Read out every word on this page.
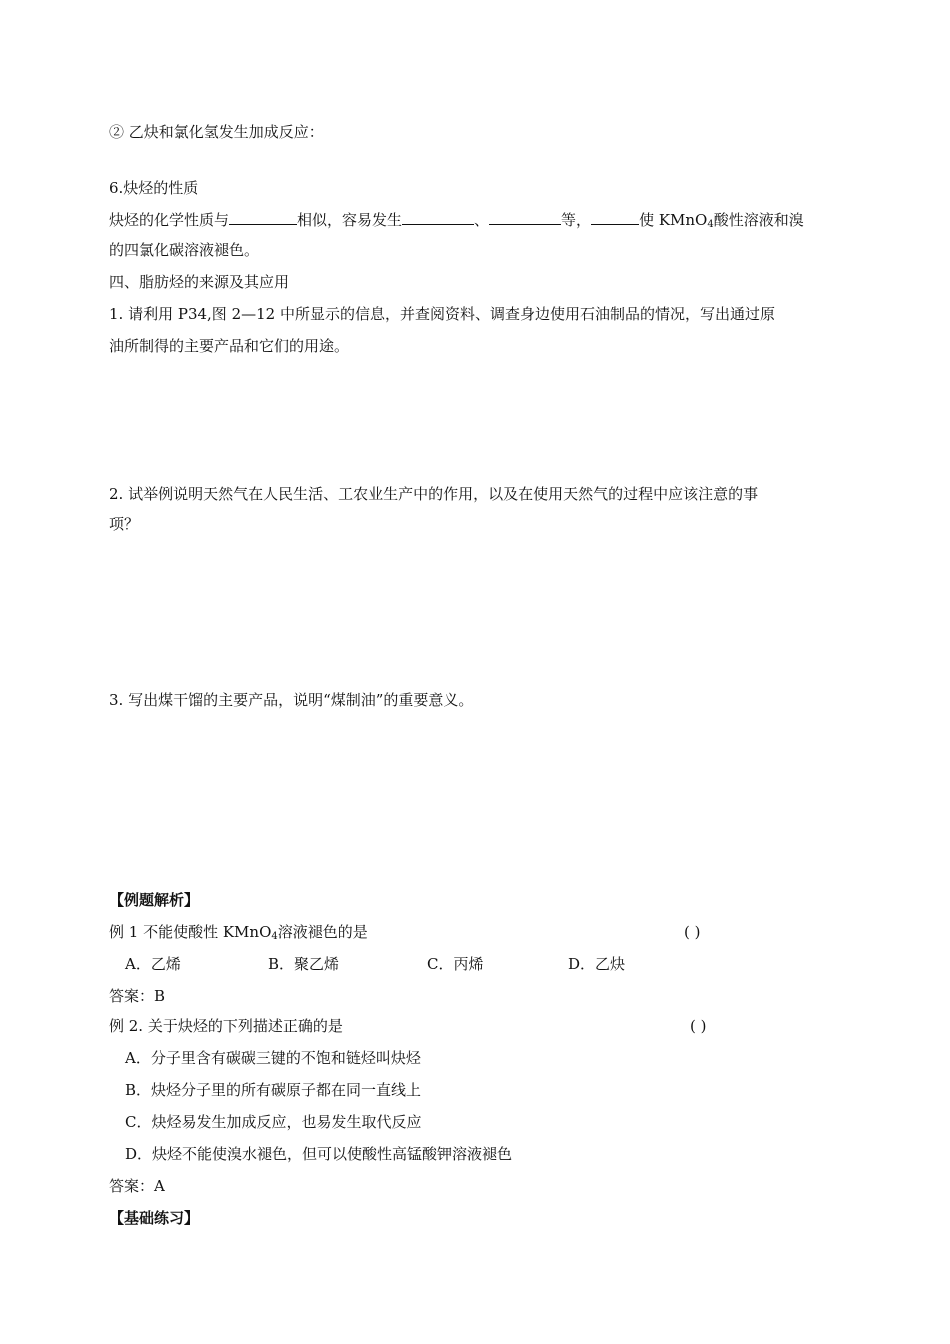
② 乙炔和氯化氢发生加成反应：
6.炔烃的性质
炔烃的化学性质与	相似，容易发生	、	等，	使 KMnO$_4$酸性溶液和溴
的四氯化碳溶液褪色。
四、脂肪烃的来源及其应用
1. 请利用 P34,图 2—12 中所显示的信息，并查阅资料、调查身边使用石油制品的情况，写出通过原
油所制得的主要产品和它们的用途。
2. 试举例说明天然气在人民生活、工农业生产中的作用，以及在使用天然气的过程中应该注意的事
项？
3. 写出煤干馏的主要产品，说明“煤制油”的重要意义。
【例题解析】
例 1 不能使酸性 KMnO$_4$溶液褪色的是	( )
A．乙烯	B．聚乙烯	C．丙烯	D．乙炔
答案：B
例 2. 关于炔烃的下列描述正确的是	( )
A．分子里含有碳碳三键的不饱和链烃叫炔烃
B．炔烃分子里的所有碳原子都在同一直线上
C．炔烃易发生加成反应，也易发生取代反应
D．炔烃不能使溴水褪色，但可以使酸性高锰酸钾溶液褪色
答案：A
【基础练习】
